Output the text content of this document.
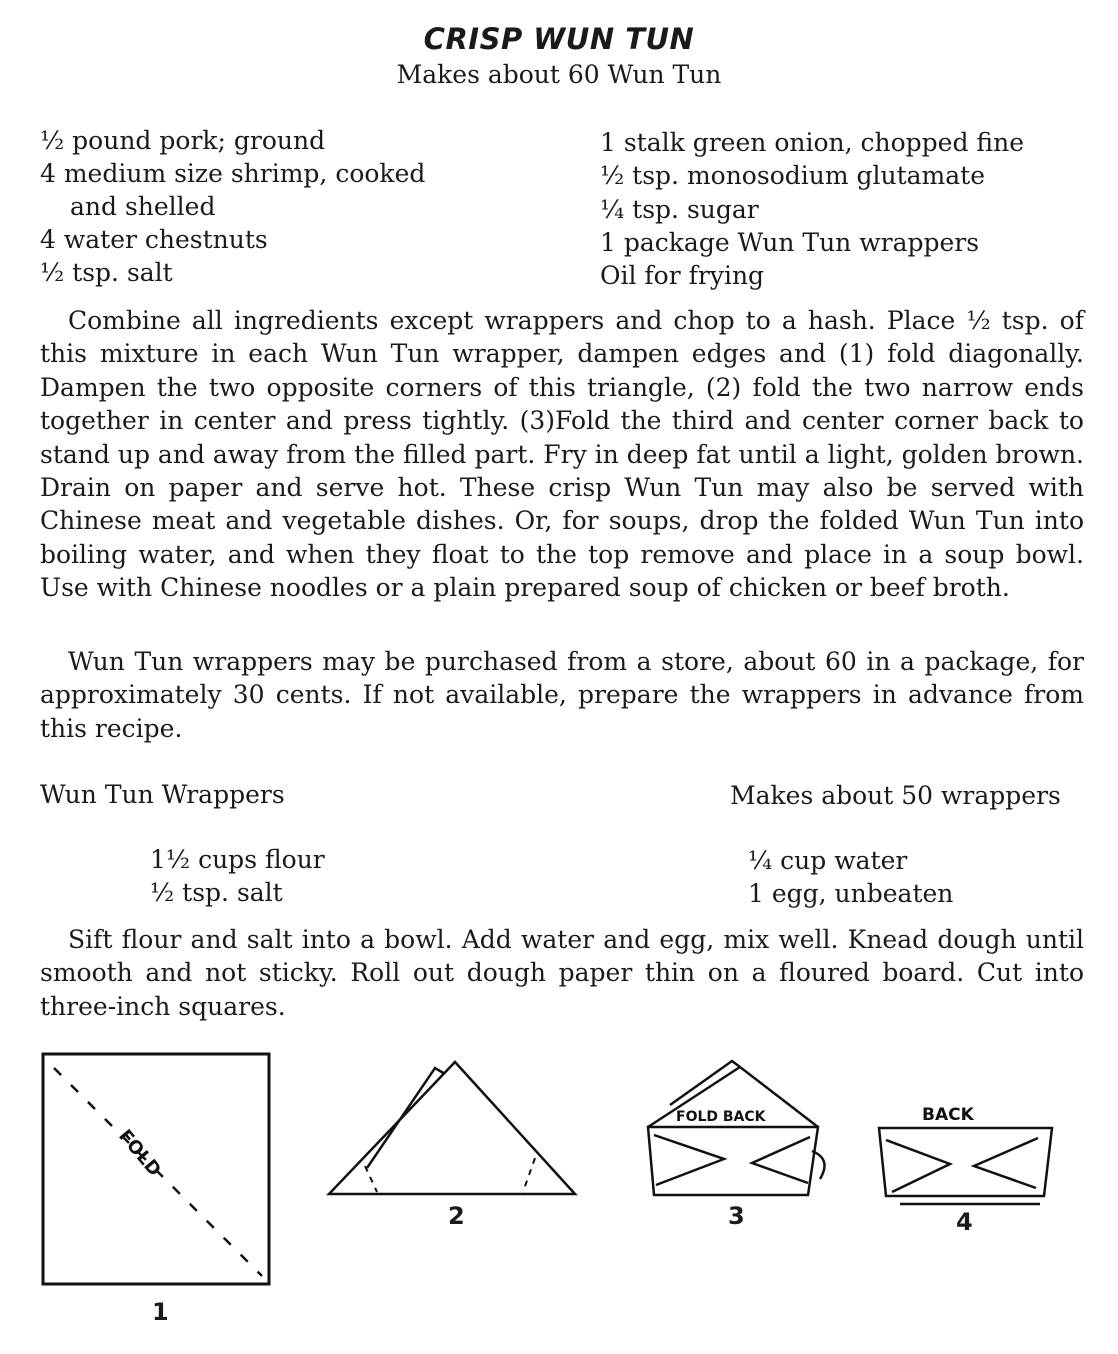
CRISP WUN TUN
Makes about 60 Wun Tun
½ pound pork; ground
4 medium size shrimp, cooked
and shelled
4 water chestnuts
½ tsp. salt
1 stalk green onion, chopped fine
½ tsp. monosodium glutamate
¼ tsp. sugar
1 package Wun Tun wrappers
Oil for frying

Combine all ingredients except wrappers and chop to a hash. Place ½ tsp. of this mixture in each Wun Tun wrapper, dampen edges and (1) fold diagonally. Dampen the two opposite corners of this triangle, (2) fold the two narrow ends together in center and press tightly. (3)Fold the third and center corner back to stand up and away from the filled part. Fry in deep fat until a light, golden brown. Drain on paper and serve hot. These crisp Wun Tun may also be served with Chinese meat and vegetable dishes. Or, for soups, drop the folded Wun Tun into boiling water, and when they float to the top remove and place in a soup bowl. Use with Chinese noodles or a plain prepared soup of chicken or beef broth.

Wun Tun wrappers may be purchased from a store, about 60 in a package, for approximately 30 cents. If not available, prepare the wrappers in advance from this recipe.

Wun Tun Wrappers	Makes about 50 wrappers
1½ cups flour
½ tsp. salt
¼ cup water
1 egg, unbeaten

Sift flour and salt into a bowl. Add water and egg, mix well. Knead dough until smooth and not sticky. Roll out dough paper thin on a floured board. Cut into three-inch squares.

FOLD
1
2
FOLD BACK
3
BACK
4
